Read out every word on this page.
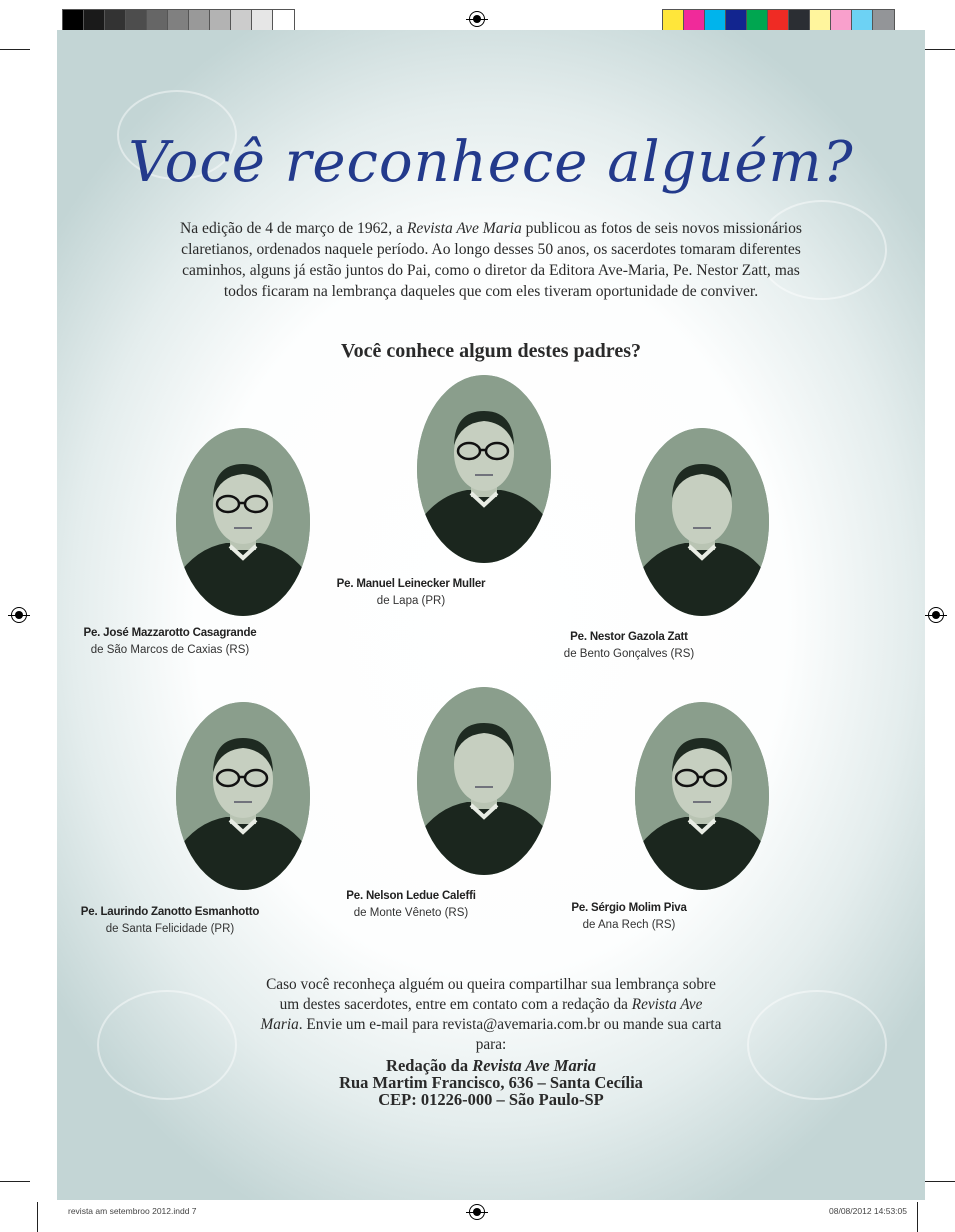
Você reconhece alguém?

Na edição de 4 de março de 1962, a Revista Ave Maria publicou as fotos de seis novos missionários claretianos, ordenados naquele período. Ao longo desses 50 anos, os sacerdotes tomaram diferentes caminhos, alguns já estão juntos do Pai, como o diretor da Editora Ave-Maria, Pe. Nestor Zatt, mas todos ficaram na lembrança daqueles que com eles tiveram oportunidade de conviver.

Você conhece algum destes padres?
Pe. José Mazzarotto Casagrande
de São Marcos de Caxias (RS)
Pe. Manuel Leinecker Muller
de Lapa (PR)
Pe. Nestor Gazola Zatt
de Bento Gonçalves (RS)
Pe. Laurindo Zanotto Esmanhotto
de Santa Felicidade (PR)
Pe. Nelson Ledue Caleffi
de Monte Vêneto (RS)	Pe. Sérgio Molim Piva
de Ana Rech (RS)

Caso você reconheça alguém ou queira compartilhar sua lembrança sobre um destes sacerdotes, entre em contato com a redação da Revista Ave Maria. Envie um e-mail para revista@avemaria.com.br ou mande sua carta para:

Redação da Revista Ave Maria
Rua Martim Francisco, 636 – Santa Cecília
CEP: 01226-000 – São Paulo-SP
revista am setembroo 2012.indd 7	08/08/2012 14:53:05
